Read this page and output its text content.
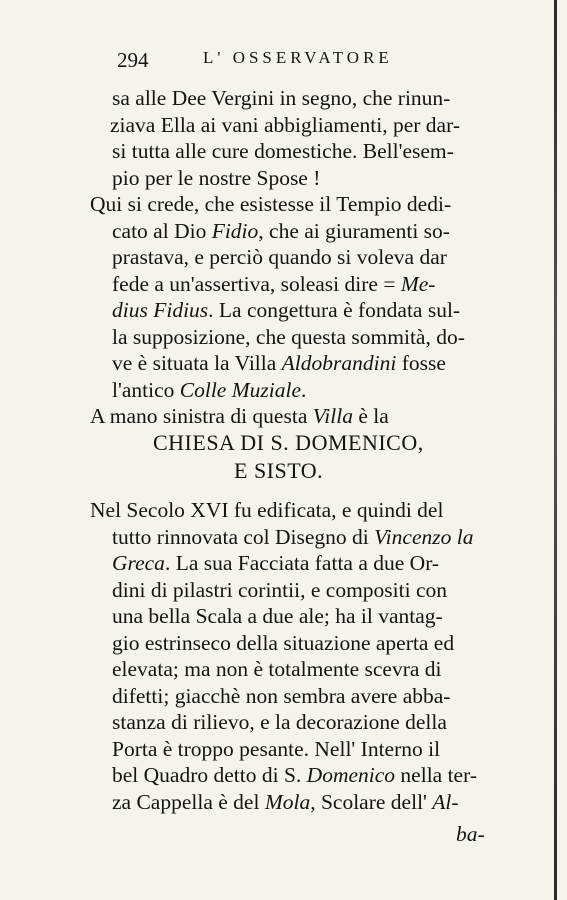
294	L' OSSERVATORE
sa alle Dee Vergini in segno, che rinun-
ziava Ella ai vani abbigliamenti, per dar-
si tutta alle cure domestiche. Bell'esem-
pio per le nostre Spose !
Qui si crede, che esistesse il Tempio dedi-
cato al Dio Fidio, che ai giuramenti so-
prastava, e perciò quando si voleva dar
fede a un'assertiva, soleasi dire = Me-
dius Fidius. La congettura è fondata sul-
la supposizione, che questa sommità, do-
ve è situata la Villa Aldobrandini fosse
l'antico Colle Muziale.
A mano sinistra di questa Villa è la
CHIESA DI S. DOMENICO,
E SISTO.
Nel Secolo XVI fu edificata, e quindi del
tutto rinnovata col Disegno di Vincenzo la
Greca. La sua Facciata fatta a due Or-
dini di pilastri corintii, e compositi con
una bella Scala a due ale; ha il vantag-
gio estrinseco della situazione aperta ed
elevata; ma non è totalmente scevra di
difetti; giacchè non sembra avere abba-
stanza di rilievo, e la decorazione della
Porta è troppo pesante. Nell' Interno il
bel Quadro detto di S. Domenico nella ter-
za Cappella è del Mola, Scolare dell' Al-
ba-
